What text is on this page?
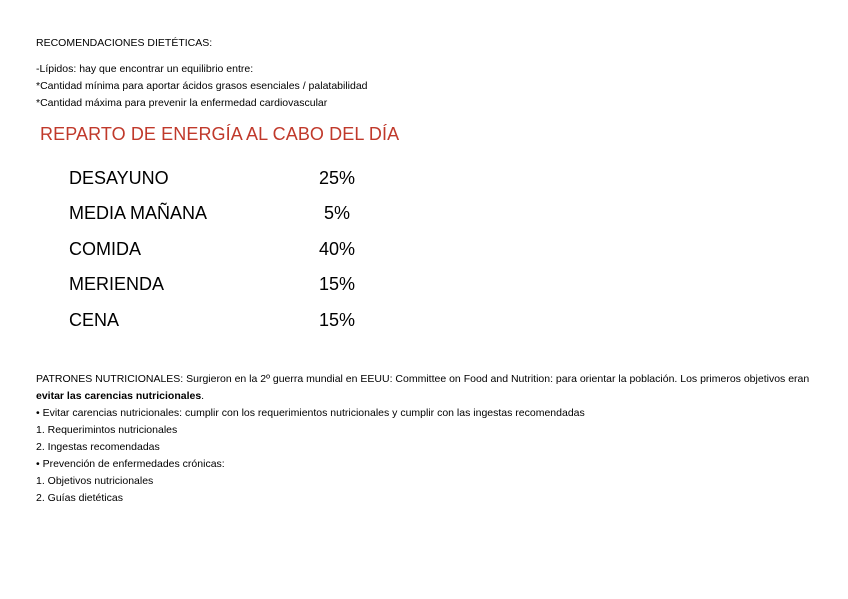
RECOMENDACIONES DIETÉTICAS:
-Lípidos: hay que encontrar un equilibrio entre:
*Cantidad mínima para aportar ácidos grasos esenciales / palatabilidad
*Cantidad máxima para prevenir la enfermedad cardiovascular
REPARTO DE ENERGÍA AL CABO DEL DÍA
DESAYUNO	25%
MEDIA MAÑANA	5%
COMIDA	40%
MERIENDA	15%
CENA	15%
PATRONES NUTRICIONALES: Surgieron en la 2º guerra mundial en EEUU: Committee on Food and Nutrition: para orientar la población. Los primeros objetivos eran evitar las carencias nutricionales.
• Evitar carencias nutricionales: cumplir con los requerimientos nutricionales y cumplir con las ingestas recomendadas
1. Requerimintos nutricionales
2. Ingestas recomendadas
• Prevención de enfermedades crónicas:
1. Objetivos nutricionales
2. Guías dietéticas
